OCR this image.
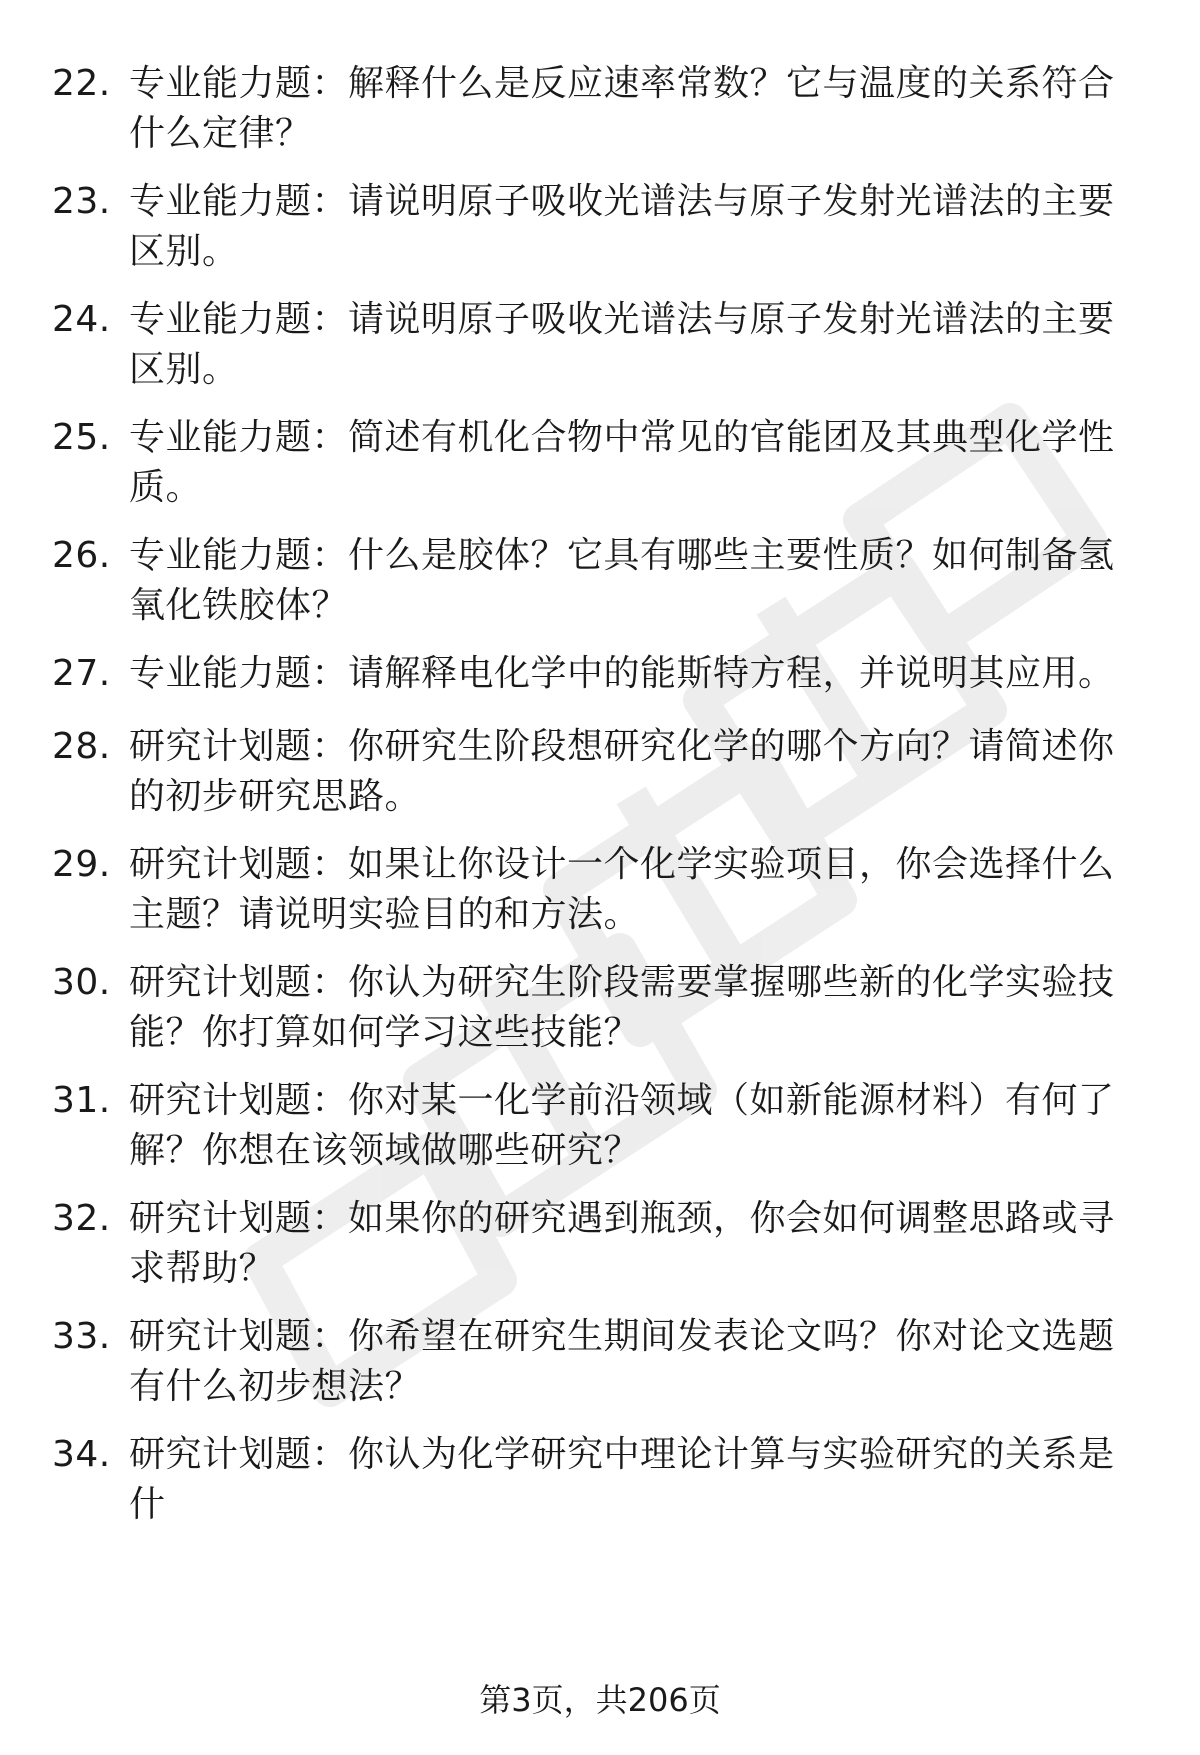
22. 专业能力题：解释什么是反应速率常数？它与温度的关系符合什么定律？
23. 专业能力题：请说明原子吸收光谱法与原子发射光谱法的主要区别。
24. 专业能力题：请说明原子吸收光谱法与原子发射光谱法的主要区别。
25. 专业能力题：简述有机化合物中常见的官能团及其典型化学性质。
26. 专业能力题：什么是胶体？它具有哪些主要性质？如何制备氢氧化铁胶体？
27. 专业能力题：请解释电化学中的能斯特方程，并说明其应用。
28. 研究计划题：你研究生阶段想研究化学的哪个方向？请简述你的初步研究思路。
29. 研究计划题：如果让你设计一个化学实验项目，你会选择什么主题？请说明实验目的和方法。
30. 研究计划题：你认为研究生阶段需要掌握哪些新的化学实验技能？你打算如何学习这些技能？
31. 研究计划题：你对某一化学前沿领域（如新能源材料）有何了解？你想在该领域做哪些研究？
32. 研究计划题：如果你的研究遇到瓶颈，你会如何调整思路或寻求帮助？
33. 研究计划题：你希望在研究生期间发表论文吗？你对论文选题有什么初步想法？
34. 研究计划题：你认为化学研究中理论计算与实验研究的关系是什
第3页，共206页
